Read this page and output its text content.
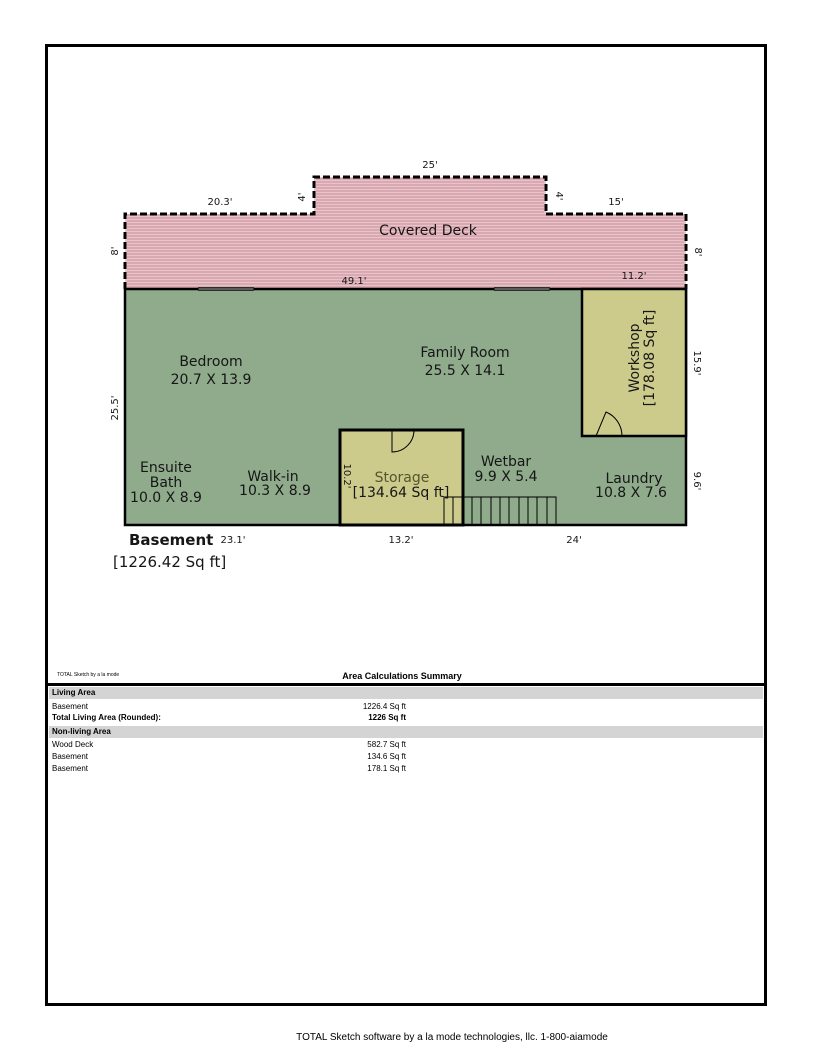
25'
20.3'	4'	4'
15'
8'	8'
Covered Deck
49.1'	11.2'
Bedroom
20.7 X 13.9
Family Room
25.5 X 14.1	Workshop [178.08 Sq ft]
Ensuite
Bath
10.0 X 8.9
Walk-in
10.3 X 8.9
Storage
[134.64 Sq ft]
Wetbar
9.9 X 5.4	Laundry
10.8 X 7.6
25.5'
15.9'
9.6'
10.2'
23.1'	13.2'	24'
Basement
[1226.42 Sq ft]
TOTAL Sketch by a la mode	Area Calculations Summary
Living Area
Basement	1226.4 Sq ft
Total Living Area (Rounded):	1226 Sq ft
Non-living Area
Wood Deck	582.7 Sq ft
Basement	134.6 Sq ft
Basement	178.1 Sq ft
TOTAL Sketch software by a la mode technologies, llc. 1-800-aiamode
